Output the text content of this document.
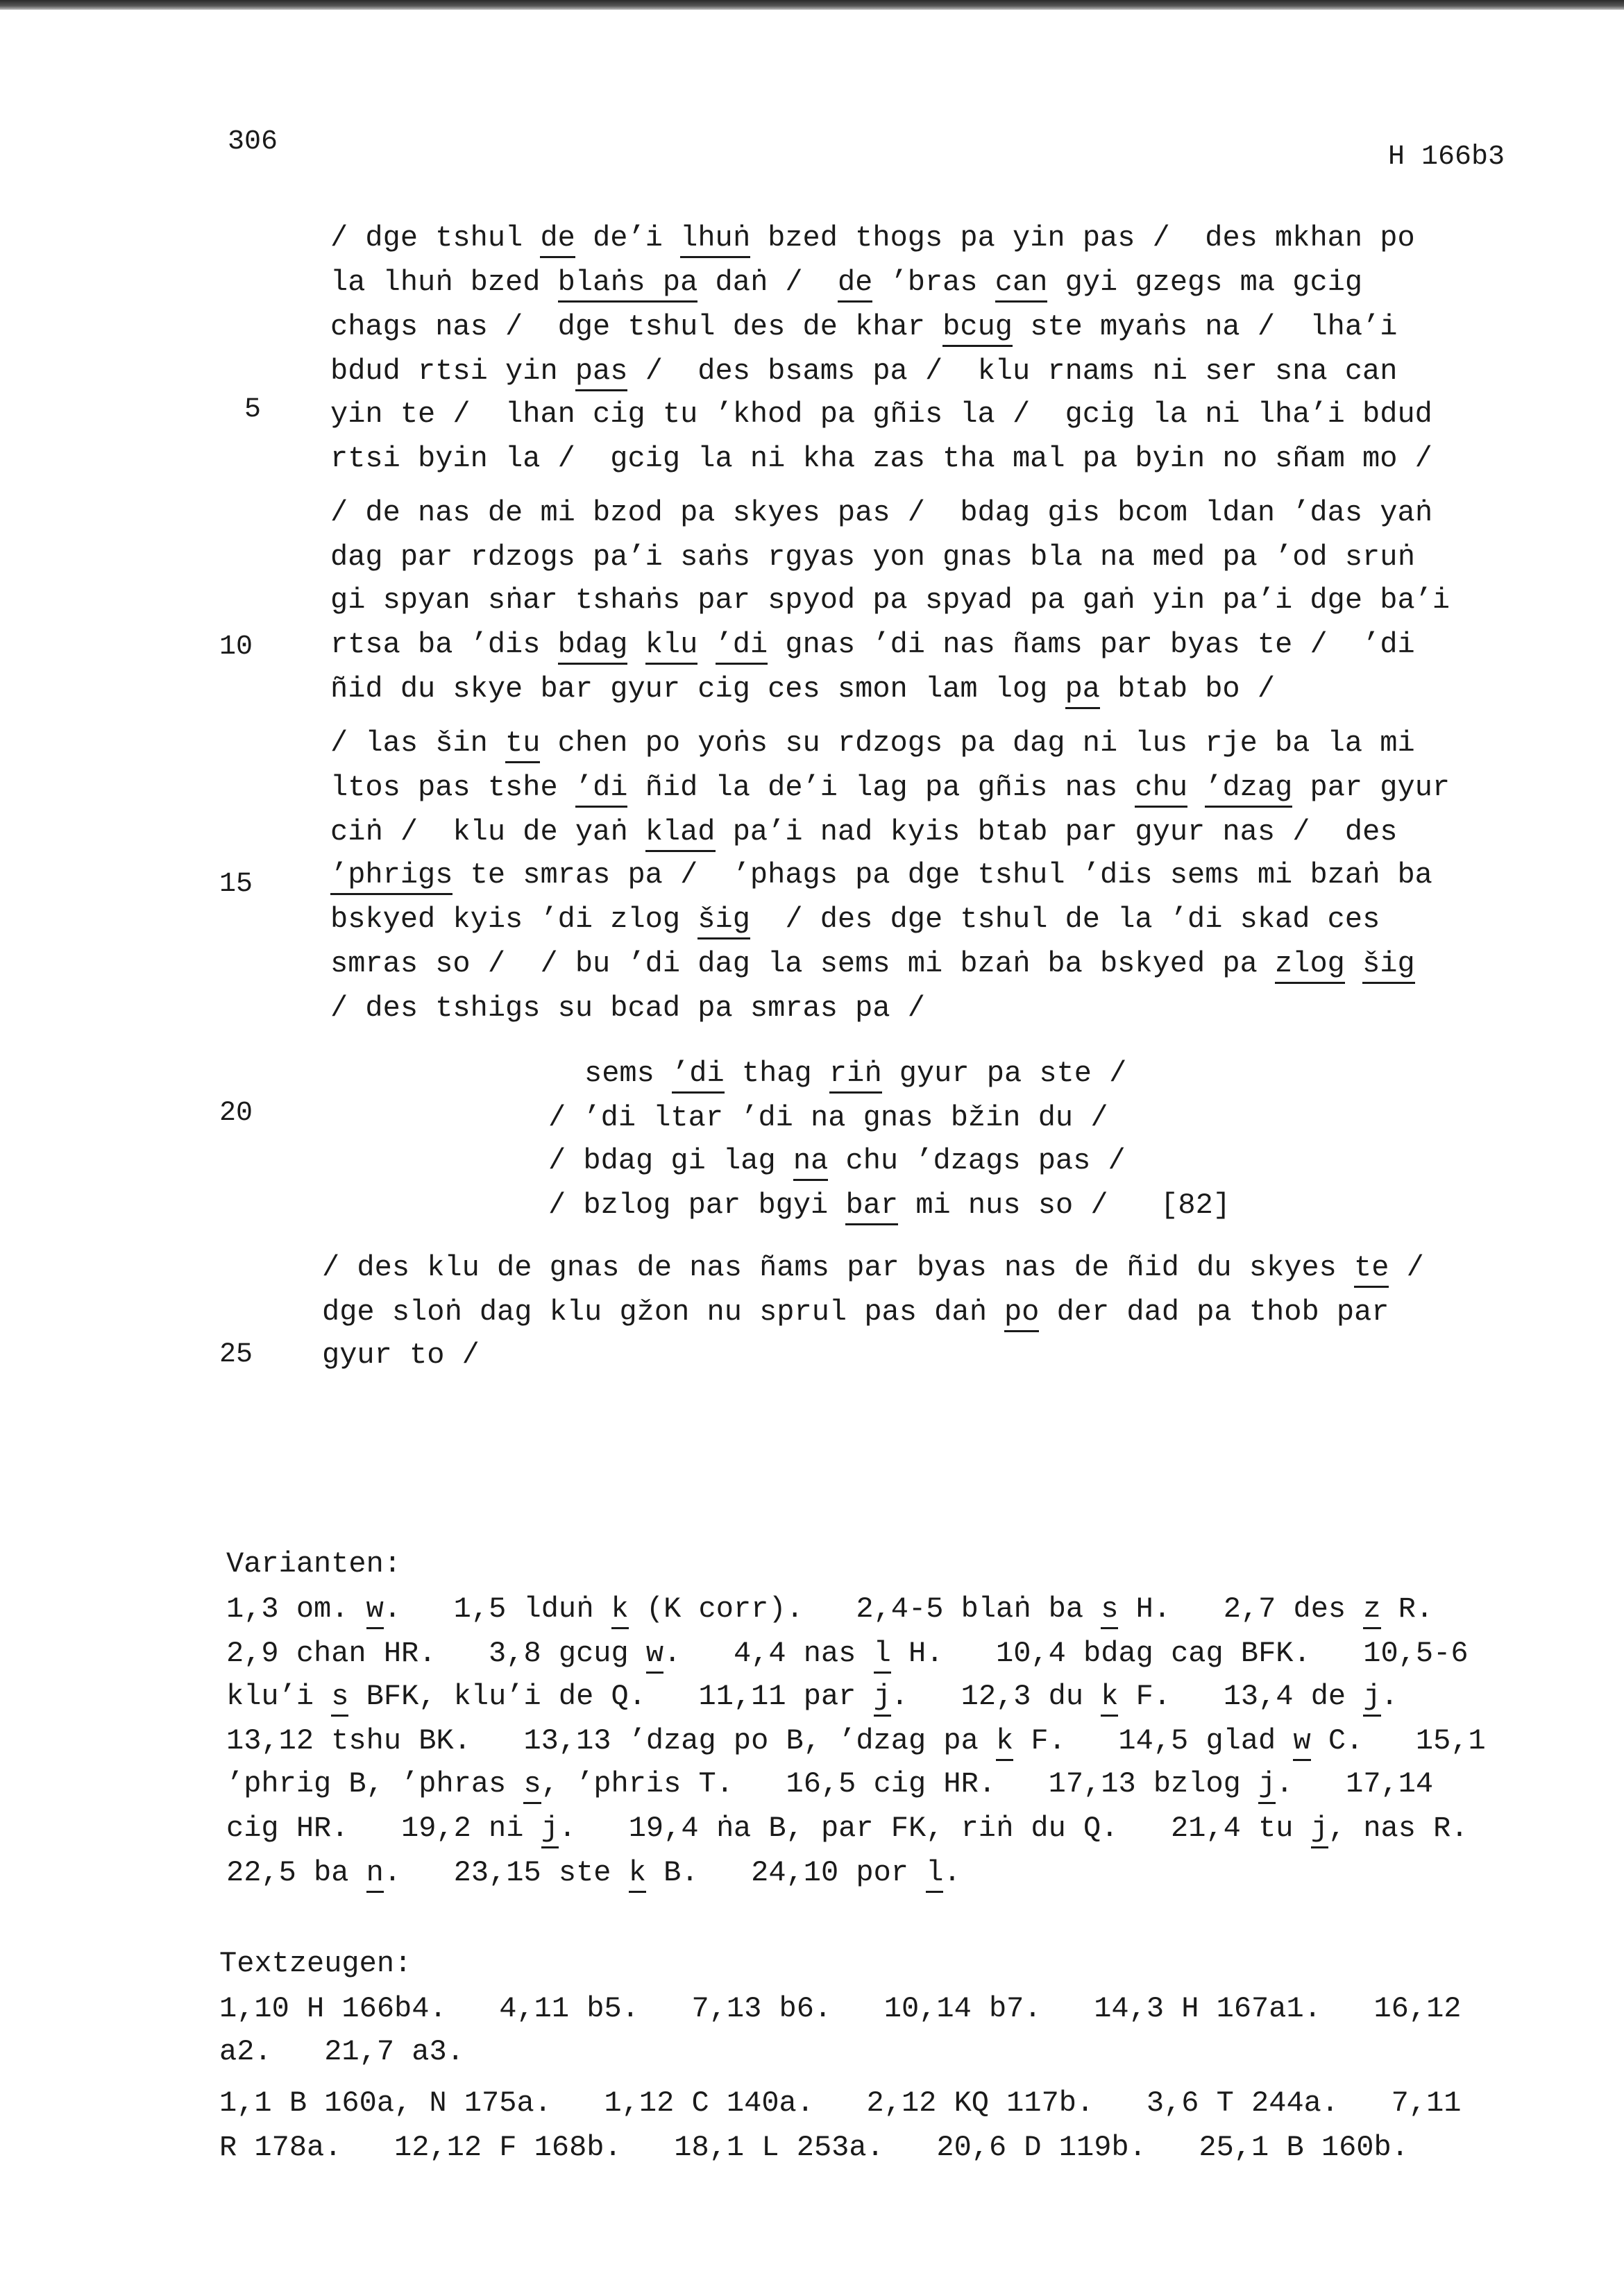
306	H 166b3
/ dge tshul de de’i lhuṅ bzed thogs pa yin pas /  des mkhan po
la lhuṅ bzed blaṅs pa daṅ /  de ’bras can gyi gzegs ma gcig
chags nas /  dge tshul des de khar bcug ste myaṅs na /  lha’i
bdud rtsi yin pas /  des bsams pa /  klu rnams ni ser sna can
yin te /  lhan cig tu ’khod pa gñis la /  gcig la ni lha’i bdud
rtsi byin la /  gcig la ni kha zas tha mal pa byin no sñam mo /
/ de nas de mi bzod pa skyes pas /  bdag gis bcom ldan ’das yaṅ
dag par rdzogs pa’i saṅs rgyas yon gnas bla na med pa ’od sruṅ
gi spyan sṅar tshaṅs par spyod pa spyad pa gaṅ yin pa’i dge ba’i
rtsa ba ’dis bdag klu ’di gnas ’di nas ñams par byas te /  ’di
ñid du skye bar gyur cig ces smon lam log pa btab bo /
/ las šin tu chen po yoṅs su rdzogs pa dag ni lus rje ba la mi
ltos pas tshe ’di ñid la de’i lag pa gñis nas chu ’dzag par gyur
ciṅ /  klu de yaṅ klad pa’i nad kyis btab par gyur nas /  des
’phrigs te smras pa /  ’phags pa dge tshul ’dis sems mi bzaṅ ba
bskyed kyis ’di zlog šig  / des dge tshul de la ’di skad ces
smras so /  / bu ’di dag la sems mi bzaṅ ba bskyed pa zlog šig
/ des tshigs su bcad pa smras pa /
sems ’di thag riṅ gyur pa ste /
/ ’di ltar ’di na gnas bžin du /
/ bdag gi lag na chu ’dzags pas /
/ bzlog par bgyi bar mi nus so /   [82]
/ des klu de gnas de nas ñams par byas nas de ñid du skyes te /
dge sloṅ dag klu gžon nu sprul pas daṅ po der dad pa thob par
gyur to /
5
10
15
20
25
Varianten:
1,3 om. w.   1,5 lduṅ k (K corr).   2,4-5 blaṅ ba s H.   2,7 des z R.
2,9 chan HR.   3,8 gcug w.   4,4 nas l H.   10,4 bdag cag BFK.   10,5-6
klu’i s BFK, klu’i de Q.   11,11 par j.   12,3 du k F.   13,4 de j.
13,12 tshu BK.   13,13 ’dzag po B, ’dzag pa k F.   14,5 glad w C.   15,1
’phrig B, ’phras s, ’phris T.   16,5 cig HR.   17,13 bzlog j.   17,14
cig HR.   19,2 ni j.   19,4 ṅa B, par FK, riṅ du Q.   21,4 tu j, nas R.
22,5 ba n.   23,15 ste k B.   24,10 por l.
Textzeugen:
1,10 H 166b4.   4,11 b5.   7,13 b6.   10,14 b7.   14,3 H 167a1.   16,12
a2.   21,7 a3.
1,1 B 160a, N 175a.   1,12 C 140a.   2,12 KQ 117b.   3,6 T 244a.   7,11
R 178a.   12,12 F 168b.   18,1 L 253a.   20,6 D 119b.   25,1 B 160b.
